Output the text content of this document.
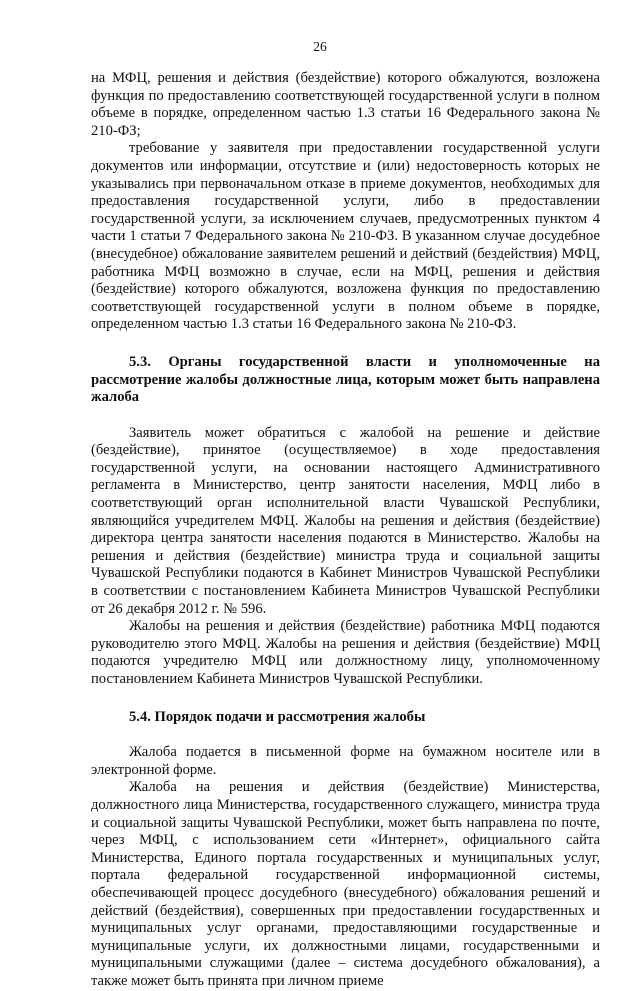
26

на МФЦ, решения и действия (бездействие) которого обжалуются, возложена функция по предоставлению соответствующей государственной услуги в полном объеме в порядке, определенном частью 1.3 статьи 16 Федерального закона № 210-ФЗ;

требование у заявителя при предоставлении государственной услуги документов или информации, отсутствие и (или) недостоверность которых не указывались при первоначальном отказе в приеме документов, необходимых для предоставления государственной услуги, либо в предоставлении государственной услуги, за исключением случаев, предусмотренных пунктом 4 части 1 статьи 7 Федерального закона № 210-ФЗ. В указанном случае досудебное (внесудебное) обжалование заявителем решений и действий (бездействия) МФЦ, работника МФЦ возможно в случае, если на МФЦ, решения и действия (бездействие) которого обжалуются, возложена функция по предоставлению соответствующей государственной услуги в полном объеме в порядке, определенном частью 1.3 статьи 16 Федерального закона № 210-ФЗ.

5.3. Органы государственной власти и уполномоченные на рассмотрение жалобы должностные лица, которым может быть направлена жалоба

Заявитель может обратиться с жалобой на решение и действие (бездействие), принятое (осуществляемое) в ходе предоставления государственной услуги, на основании настоящего Административного регламента в Министерство, центр занятости населения, МФЦ либо в соответствующий орган исполнительной власти Чувашской Республики, являющийся учредителем МФЦ. Жалобы на решения и действия (бездействие) директора центра занятости населения подаются в Министерство. Жалобы на решения и действия (бездействие) министра труда и социальной защиты Чувашской Республики подаются в Кабинет Министров Чувашской Республики в соответствии с постановлением Кабинета Министров Чувашской Республики от 26 декабря 2012 г. № 596.

Жалобы на решения и действия (бездействие) работника МФЦ подаются руководителю этого МФЦ. Жалобы на решения и действия (бездействие) МФЦ подаются учредителю МФЦ или должностному лицу, уполномоченному постановлением Кабинета Министров Чувашской Республики.

5.4. Порядок подачи и рассмотрения жалобы

Жалоба подается в письменной форме на бумажном носителе или в электронной форме.

Жалоба на решения и действия (бездействие) Министерства, должностного лица Министерства, государственного служащего, министра труда и социальной защиты Чувашской Республики, может быть направлена по почте, через МФЦ, с использованием сети «Интернет», официального сайта Министерства, Единого портала государственных и муниципальных услуг, портала федеральной государственной информационной системы, обеспечивающей процесс досудебного (внесудебного) обжалования решений и действий (бездействия), совершенных при предоставлении государственных и муниципальных услуг органами, предоставляющими государственные и муниципальные услуги, их должностными лицами, государственными и муниципальными служащими (далее – система досудебного обжалования), а также может быть принята при личном приеме
